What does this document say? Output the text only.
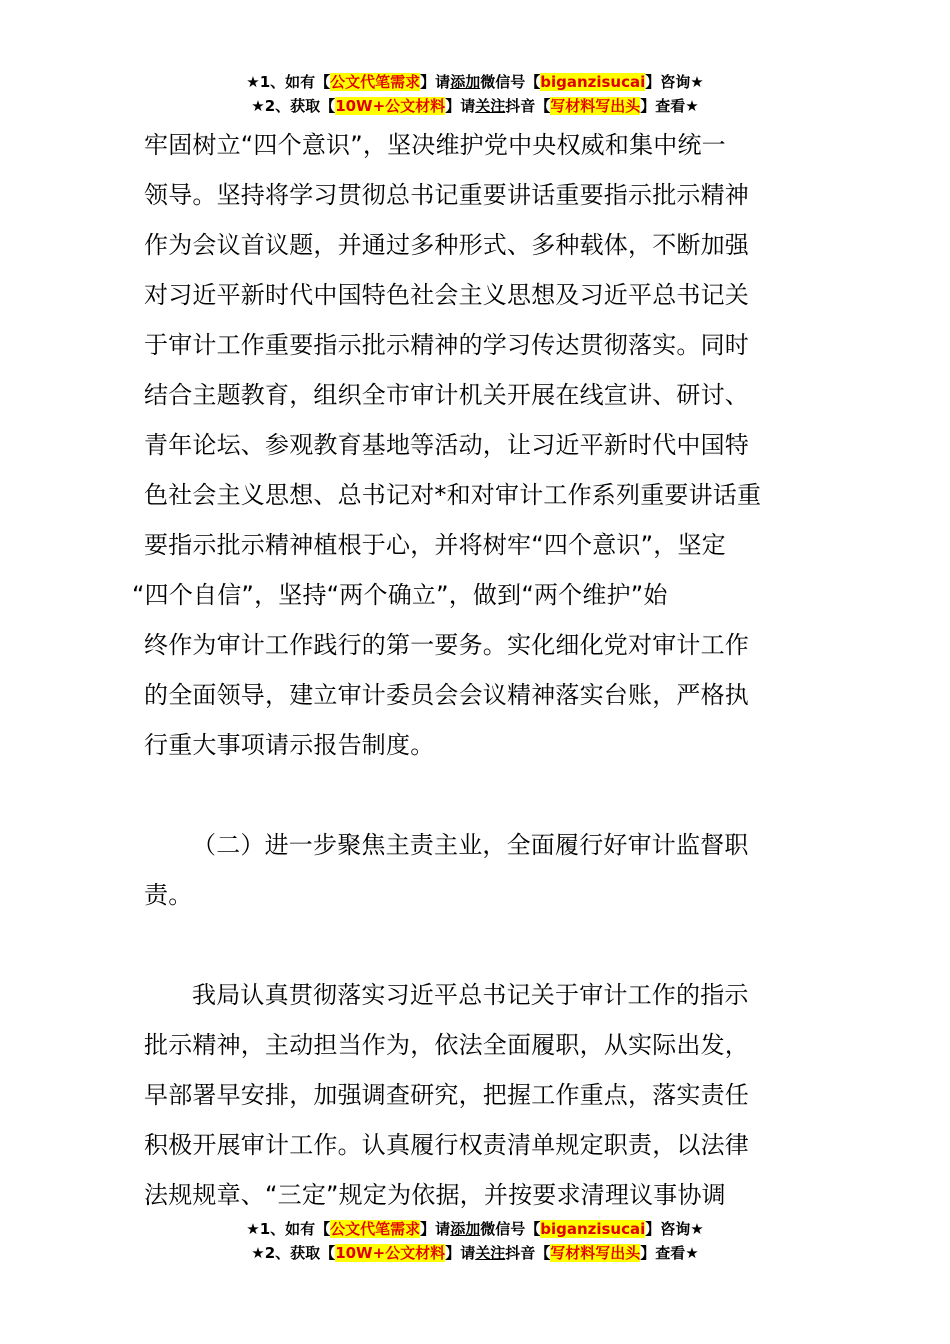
★1、如有【公文代笔需求】请添加微信号【biganzisucai】咨询★
★2、获取【10W+公文材料】请关注抖音【写材料写出头】查看★
牢固树立“四个意识”，坚决维护党中央权威和集中统一
领导。坚持将学习贯彻总书记重要讲话重要指示批示精神
作为会议首议题，并通过多种形式、多种载体，不断加强
对习近平新时代中国特色社会主义思想及习近平总书记关
于审计工作重要指示批示精神的学习传达贯彻落实。同时
结合主题教育，组织全市审计机关开展在线宣讲、研讨、
青年论坛、参观教育基地等活动，让习近平新时代中国特
色社会主义思想、总书记对*和对审计工作系列重要讲话重
要指示批示精神植根于心，并将树牢“四个意识”，坚定
“四个自信”，坚持“两个确立”，做到“两个维护”始
终作为审计工作践行的第一要务。实化细化党对审计工作
的全面领导，建立审计委员会会议精神落实台账，严格执
行重大事项请示报告制度。
（二）进一步聚焦主责主业，全面履行好审计监督职
责。
我局认真贯彻落实习近平总书记关于审计工作的指示
批示精神，主动担当作为，依法全面履职，从实际出发，
早部署早安排，加强调查研究，把握工作重点，落实责任
积极开展审计工作。认真履行权责清单规定职责，以法律
法规规章、“三定”规定为依据，并按要求清理议事协调
★1、如有【公文代笔需求】请添加微信号【biganzisucai】咨询★
★2、获取【10W+公文材料】请关注抖音【写材料写出头】查看★
